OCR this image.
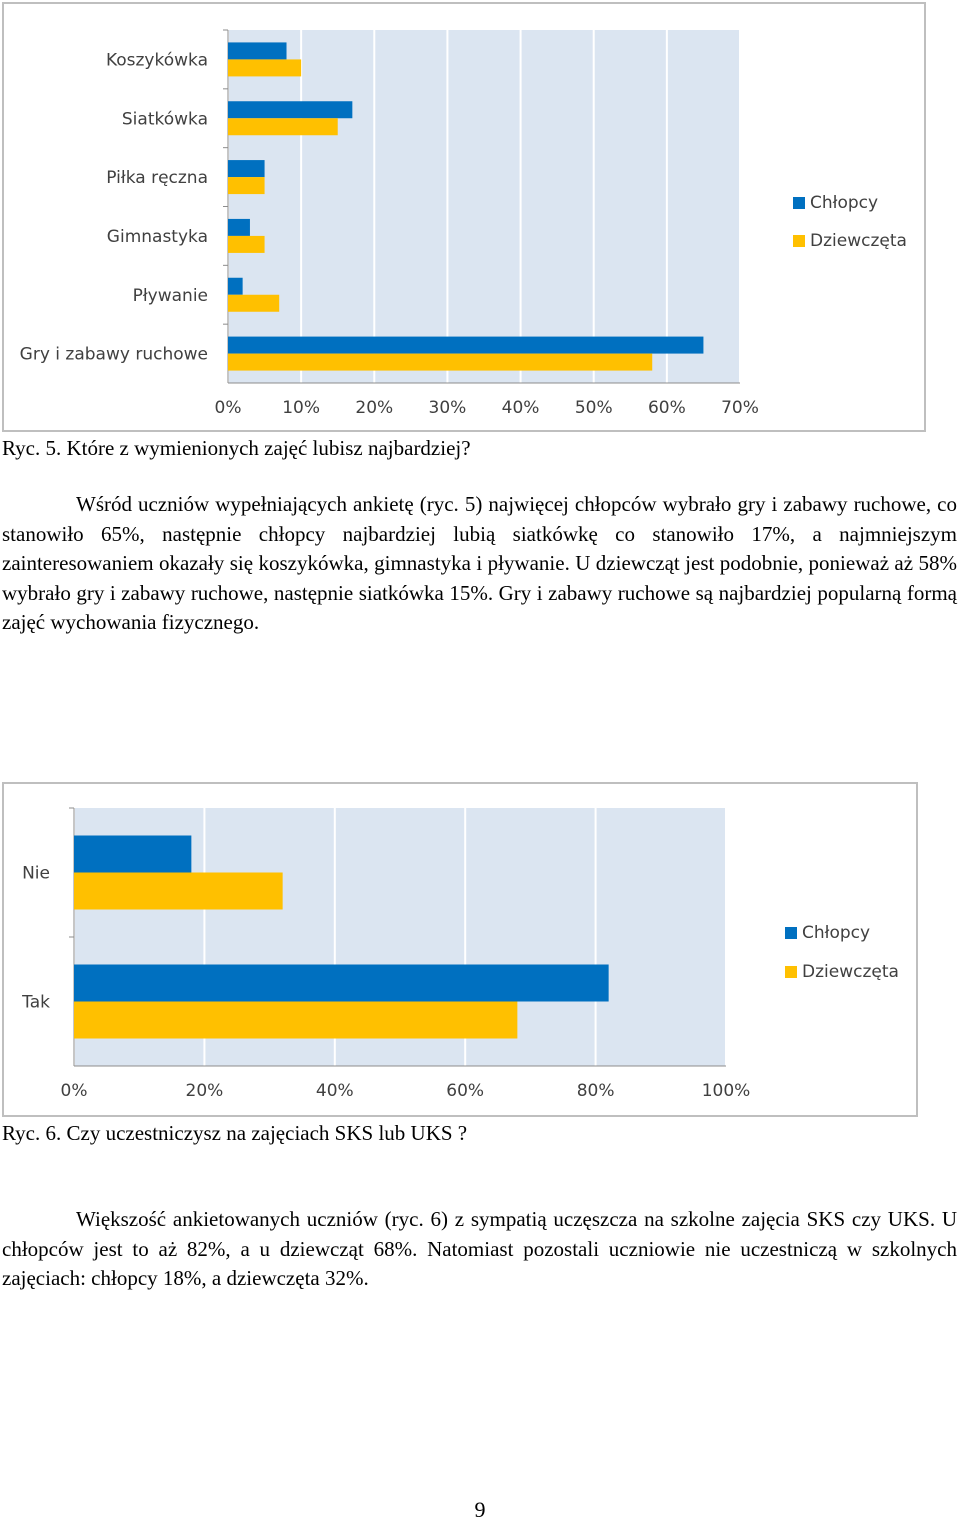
0% 10% 20% 30% 40% 50% 60% 70%
Koszykówka
Siatkówka
Piłka ręczna
Gimnastyka
Pływanie
Gry i zabawy ruchowe
Chłopcy
Dziewczęta
Ryc. 5. Które z wymienionych zajęć lubisz najbardziej?

Wśród uczniów wypełniających ankietę (ryc. 5) najwięcej chłopców wybrało gry i zabawy ruchowe, co stanowiło 65%, następnie chłopcy najbardziej lubią siatkówkę co stanowiło 17%, a najmniejszym zainteresowaniem okazały się koszykówka, gimnastyka i pływanie. U dziewcząt jest podobnie, ponieważ aż 58% wybrało gry i zabawy ruchowe, następnie siatkówka 15%. Gry i zabawy ruchowe są najbardziej popularną formą zajęć wychowania fizycznego.

0%	20%	40%	60%	80%	100%
Nie
Tak
Chłopcy
Dziewczęta
Ryc. 6. Czy uczestniczysz na zajęciach SKS lub UKS ?

Większość ankietowanych uczniów (ryc. 6) z sympatią uczęszcza na szkolne zajęcia SKS czy UKS. U chłopców jest to aż 82%, a u dziewcząt 68%. Natomiast pozostali uczniowie nie uczestniczą w szkolnych zajęciach: chłopcy 18%, a dziewczęta 32%.

9
